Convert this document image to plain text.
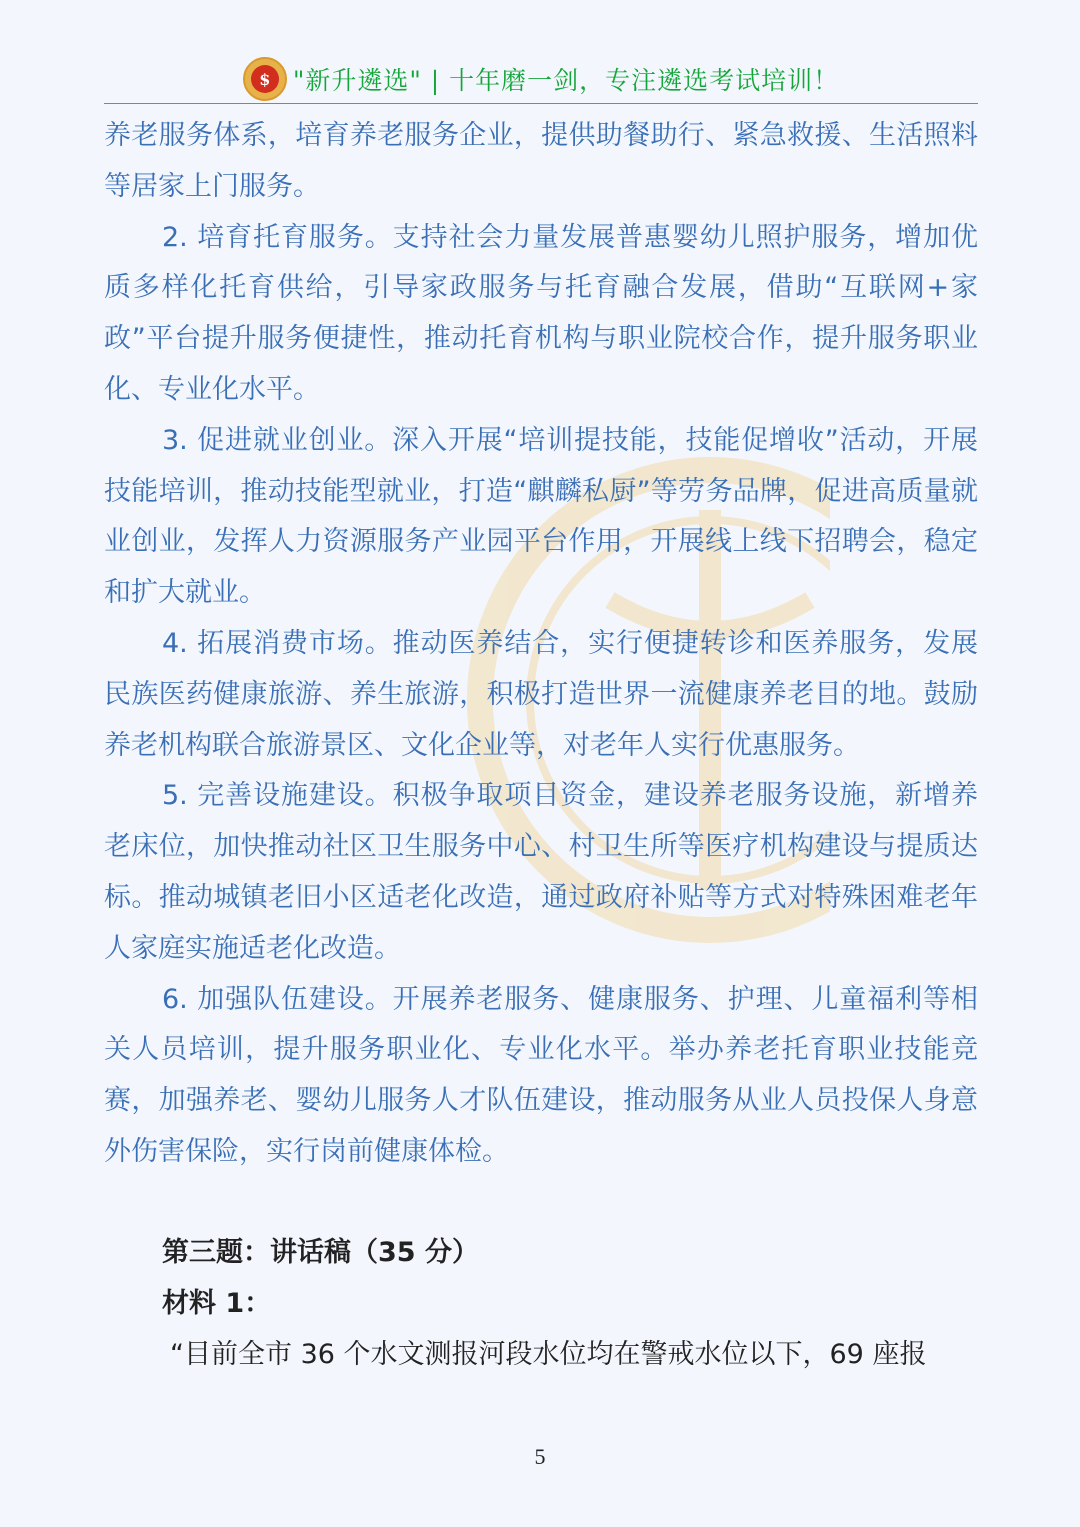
$ "新升遴选" | 十年磨一剑，专注遴选考试培训！

养老服务体系，培育养老服务企业，提供助餐助行、紧急救援、生活照料等居家上门服务。

2. 培育托育服务。支持社会力量发展普惠婴幼儿照护服务，增加优质多样化托育供给，引导家政服务与托育融合发展，借助“互联网+家政”平台提升服务便捷性，推动托育机构与职业院校合作，提升服务职业化、专业化水平。

3. 促进就业创业。深入开展“培训提技能，技能促增收”活动，开展技能培训，推动技能型就业，打造“麒麟私厨”等劳务品牌，促进高质量就业创业，发挥人力资源服务产业园平台作用，开展线上线下招聘会，稳定和扩大就业。

4. 拓展消费市场。推动医养结合，实行便捷转诊和医养服务，发展民族医药健康旅游、养生旅游，积极打造世界一流健康养老目的地。鼓励养老机构联合旅游景区、文化企业等，对老年人实行优惠服务。

5. 完善设施建设。积极争取项目资金，建设养老服务设施，新增养老床位，加快推动社区卫生服务中心、村卫生所等医疗机构建设与提质达标。推动城镇老旧小区适老化改造，通过政府补贴等方式对特殊困难老年人家庭实施适老化改造。

6. 加强队伍建设。开展养老服务、健康服务、护理、儿童福利等相关人员培训，提升服务职业化、专业化水平。举办养老托育职业技能竞赛，加强养老、婴幼儿服务人才队伍建设，推动服务从业人员投保人身意外伤害保险，实行岗前健康体检。

第三题：讲话稿（35 分）

材料 1：

“目前全市 36 个水文测报河段水位均在警戒水位以下，69 座报

5
